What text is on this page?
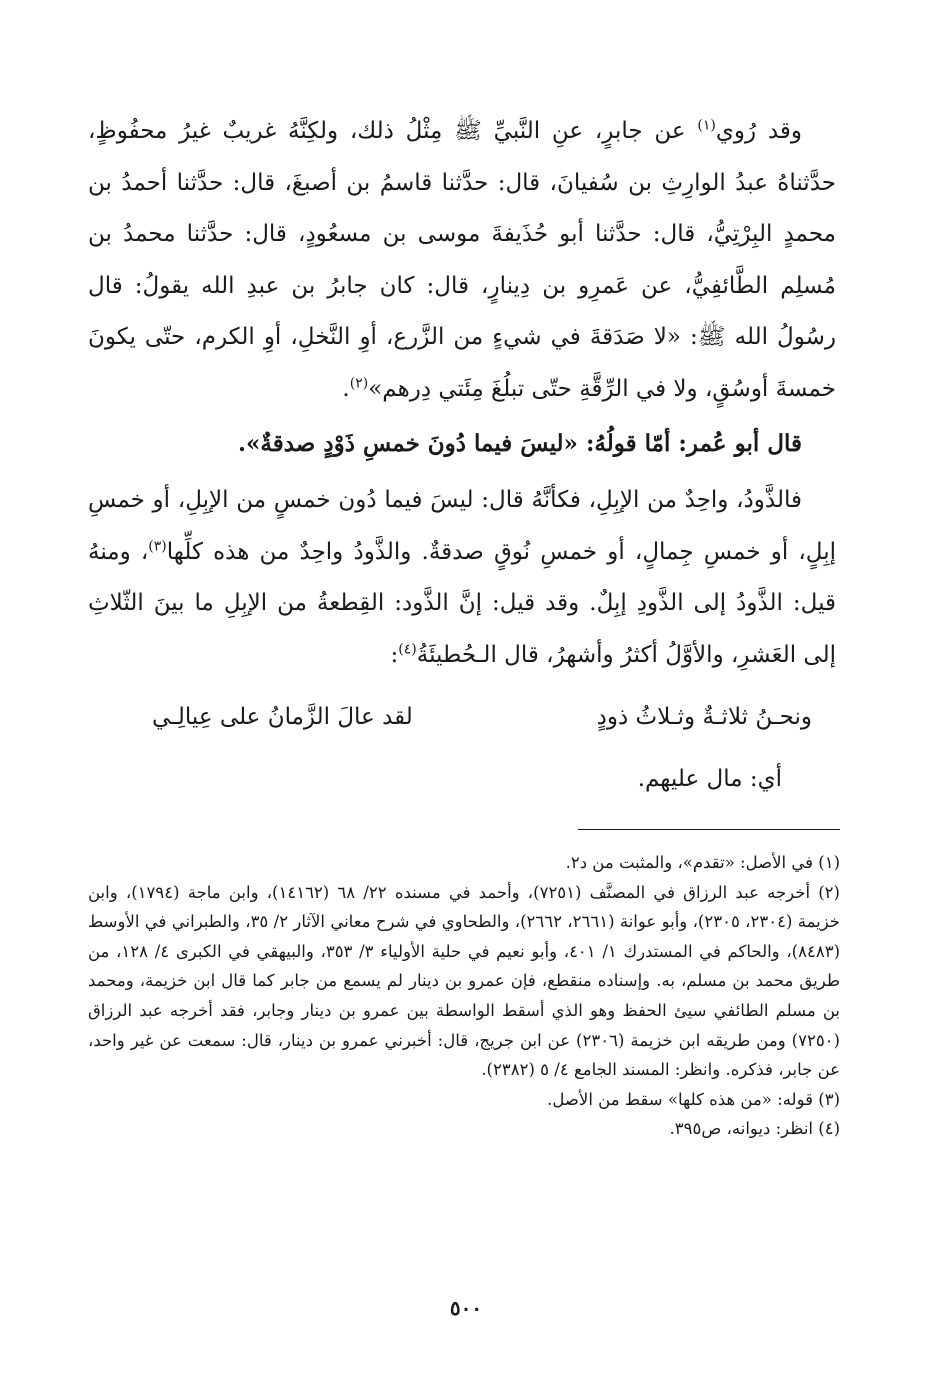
وقد رُوي$^{(١)}$ عن جابرٍ، عنِ النَّبيِّ ﷺ مِثْلُ ذلك، ولكِنَّهُ غريبٌ غيرُ محفُوظٍ، حدَّثناهُ عبدُ الوارِثِ بن سُفيانَ، قال: حدَّثنا قاسمُ بن أصبغَ، قال: حدَّثنا أحمدُ بن محمدٍ البِرْتِيُّ، قال: حدَّثنا أبو حُذَيفةَ موسى بن مسعُودٍ، قال: حدَّثنا محمدُ بن مُسلِم الطَّائفِيُّ، عن عَمرِو بن دِينارٍ، قال: كان جابرُ بن عبدِ الله يقولُ: قال رسُولُ الله ﷺ: «لا صَدَقةَ في شيءٍ من الزَّرع، أوِ النَّخلِ، أوِ الكرم، حتّى يكونَ خمسةَ أوسُقٍ، ولا في الرِّقَّةِ حتّى تبلُغَ مِئَتي دِرهم»$^{(٢)}$.

قال أبو عُمر: أمّا قولُهُ: «ليسَ فيما دُونَ خمسِ ذَوْدٍ صدقةٌ».

فالذَّودُ، واحِدٌ من الإبِلِ، فكأنَّهُ قال: ليسَ فيما دُون خمسٍ من الإبِلِ، أو خمسِ إبِلٍ، أو خمسِ جِمالٍ، أو خمسِ نُوقٍ صدقةٌ. والذَّودُ واحِدٌ من هذه كلِّها$^{(٣)}$، ومنهُ قيل: الذَّودُ إلى الذَّودِ إبِلٌ. وقد قيل: إنَّ الذَّود: القِطعةُ من الإبِلِ ما بينَ الثّلاثِ إلى العَشرِ، والأوَّلُ أكثرُ وأشهرُ، قال الـحُطيئَةُ$^{(٤)}$:

ونحـنُ ثلاثـةٌ وثـلاثُ ذودٍ
لقد عالَ الزَّمانُ على عِيالِـي
أي: مال عليهم.

(١) في الأصل: «تقدم»، والمثبت من د٢.

(٢) أخرجه عبد الرزاق في المصنَّف (٧٢٥١)، وأحمد في مسنده ٢٢/ ٦٨ (١٤١٦٢)، وابن ماجة (١٧٩٤)، وابن خزيمة (٢٣٠٤، ٢٣٠٥)، وأبو عوانة (٢٦٦١، ٢٦٦٢)، والطحاوي في شرح معاني الآثار ٢/ ٣٥، والطبراني في الأوسط (٨٤٨٣)، والحاكم في المستدرك ١/ ٤٠١، وأبو نعيم في حلية الأولياء ٣/ ٣٥٣، والبيهقي في الكبرى ٤/ ١٢٨، من طريق محمد بن مسلم، به. وإسناده منقطع، فإن عمرو بن دينار لم يسمع من جابر كما قال ابن خزيمة، ومحمد بن مسلم الطائفي سيئ الحفظ وهو الذي أسقط الواسطة بين عمرو بن دينار وجابر، فقد أخرجه عبد الرزاق (٧٢٥٠) ومن طريقه ابن خزيمة (٢٣٠٦) عن ابن جريج، قال: أخبرني عمرو بن دينار، قال: سمعت عن غير واحد، عن جابر، فذكره. وانظر: المسند الجامع ٤/ ٥ (٢٣٨٢).

(٣) قوله: «من هذه كلها» سقط من الأصل.

(٤) انظر: ديوانه، ص٣٩٥.

٥٠٠
